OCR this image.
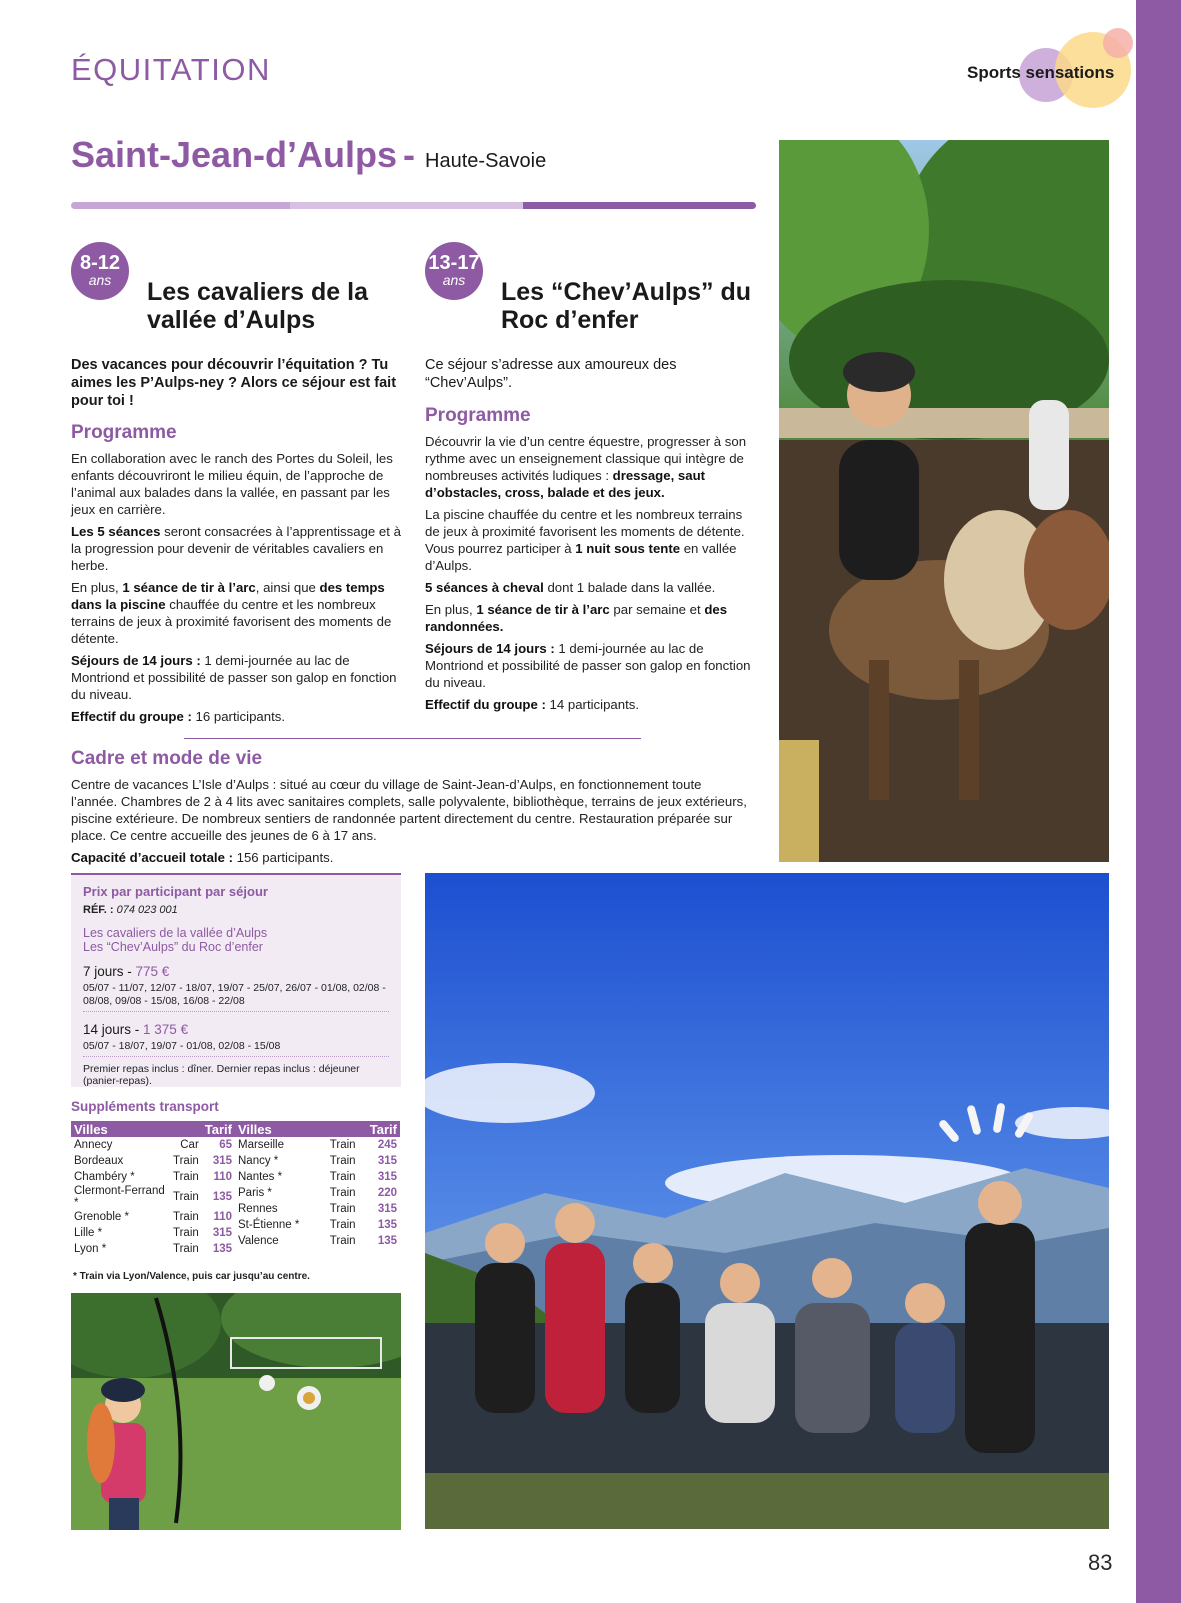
83
ÉQUITATION	Sports sensations
Saint-Jean-d’Aulps - Haute-Savoie
8-12
ans	Les cavaliers de la vallée d’Aulps
Des vacances pour découvrir l’équitation ? Tu aimes les P’Aulps-ney ? Alors ce séjour est fait pour toi !
Programme

En collaboration avec le ranch des Portes du Soleil, les enfants découvriront le milieu équin, de l’approche de l’animal aux balades dans la vallée, en passant par les jeux en carrière.

Les 5 séances seront consacrées à l’apprentissage et à la progression pour devenir de véritables cavaliers en herbe.

En plus, 1 séance de tir à l’arc, ainsi que des temps dans la piscine chauffée du centre et les nombreux terrains de jeux à proximité favorisent des moments de détente.

Séjours de 14 jours : 1 demi-journée au lac de Montriond et possibilité de passer son galop en fonction du niveau.

Effectif du groupe : 16 participants.

13-17
ans	Les “Chev’Aulps” du Roc d’enfer
Ce séjour s’adresse aux amoureux des “Chev’Aulps”.
Programme

Découvrir la vie d’un centre équestre, progresser à son rythme avec un enseignement classique qui intègre de nombreuses activités ludiques : dressage, saut d’obstacles, cross, balade et des jeux.

La piscine chauffée du centre et les nombreux terrains de jeux à proximité favorisent les moments de détente. Vous pourrez participer à 1 nuit sous tente en vallée d’Aulps.

5 séances à cheval dont 1 balade dans la vallée.

En plus, 1 séance de tir à l’arc par semaine et des randonnées.

Séjours de 14 jours : 1 demi-journée au lac de Montriond et possibilité de passer son galop en fonction du niveau.

Effectif du groupe : 14 participants.

Cadre et mode de vie

Centre de vacances L’Isle d’Aulps : situé au cœur du village de Saint-Jean-d’Aulps, en fonctionnement toute l’année. Chambres de 2 à 4 lits avec sanitaires complets, salle polyvalente, bibliothèque, terrains de jeux extérieurs, piscine extérieure. De nombreux sentiers de randonnée partent directement du centre. Restauration préparée sur place. Ce centre accueille des jeunes de 6 à 17 ans.

Capacité d’accueil totale : 156 participants.

Prix par participant par séjour
RÉF. : 074 023 001
Les cavaliers de la vallée d’Aulps
Les “Chev’Aulps” du Roc d’enfer
7 jours - 775 €
05/07 - 11/07, 12/07 - 18/07, 19/07 - 25/07, 26/07 - 01/08, 02/08 - 08/08, 09/08 - 15/08, 16/08 - 22/08
14 jours - 1 375 €
05/07 - 18/07, 19/07 - 01/08, 02/08 - 15/08
Premier repas inclus : dîner. Dernier repas inclus : déjeuner (panier-repas).
Suppléments transport
Villes		Tarif
Annecy	Car	65
Bordeaux	Train	315
Chambéry *	Train	110
Clermont-Ferrand *	Train	135
Grenoble *	Train	110
Lille *	Train	315
Lyon *	Train	135
Villes		Tarif
Marseille	Train	245
Nancy *	Train	315
Nantes *	Train	315
Paris *	Train	220
Rennes	Train	315
St-Étienne *	Train	135
Valence	Train	135
* Train via Lyon/Valence, puis car jusqu’au centre.
